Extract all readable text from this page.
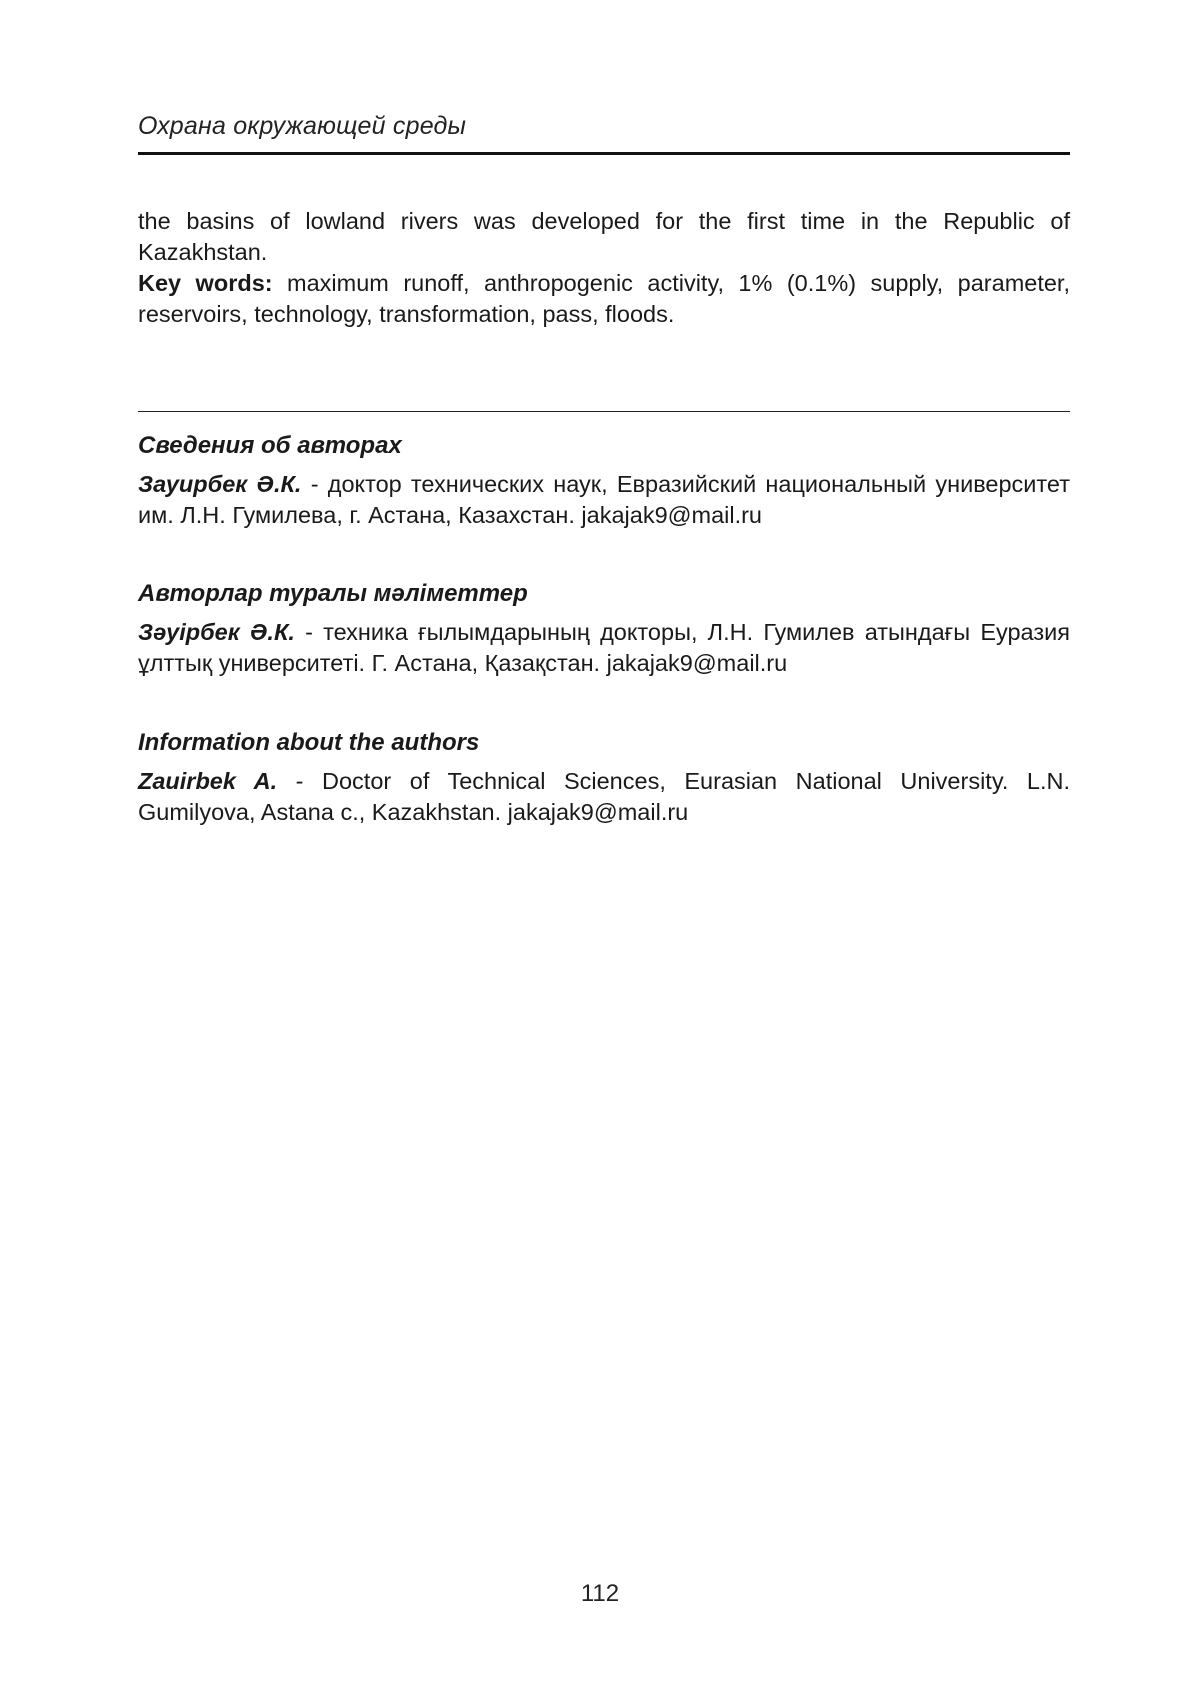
Охрана окружающей среды
the basins of lowland rivers was developed for the first time in the Republic of Kazakhstan.
Key words: maximum runoff, anthropogenic activity, 1% (0.1%) supply, parameter, reservoirs, technology, transformation, pass, floods.
Сведения об авторах
Зауирбек Ә.К. - доктор технических наук, Евразийский национальный университет им. Л.Н. Гумилева, г. Астана, Казахстан. jakajak9@mail.ru
Авторлар туралы мәліметтер
Зәуірбек Ә.К. - техника ғылымдарының докторы, Л.Н. Гумилев атындағы Еуразия ұлттық университеті. Г. Астана, Қазақстан. jakajak9@mail.ru
Information about the authors
Zauirbek A. - Doctor of Technical Sciences, Eurasian National University. L.N. Gumilyova, Astana c., Kazakhstan. jakajak9@mail.ru
112
